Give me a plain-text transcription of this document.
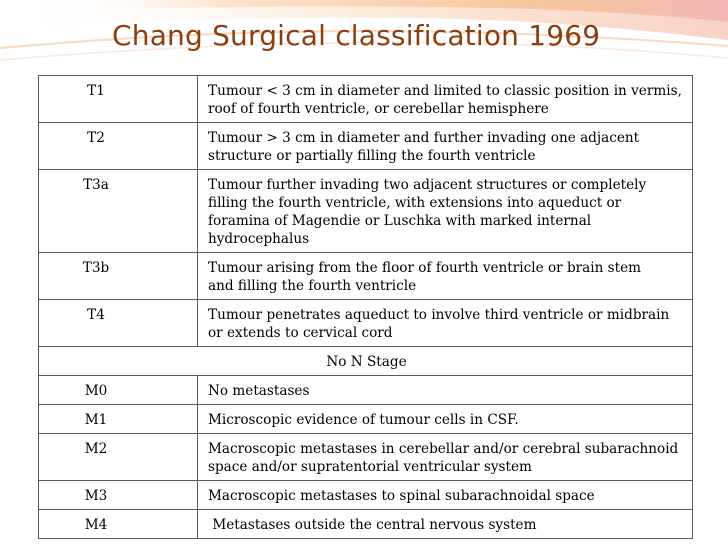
Chang Surgical classification 1969
T1	Tumour < 3 cm in diameter and limited to classic position in vermis, roof of fourth ventricle, or cerebellar hemisphere
T2	Tumour > 3 cm in diameter and further invading one adjacent structure or partially filling the fourth ventricle
T3a	Tumour further invading two adjacent structures or completely filling the fourth ventricle, with extensions into aqueduct or foramina of Magendie or Luschka with marked internal hydrocephalus
T3b	Tumour arising from the floor of fourth ventricle or brain stem     and filling the fourth ventricle
T4	Tumour penetrates aqueduct to involve third ventricle or midbrain or extends to cervical cord
No N Stage	
M0	No metastases
M1	Microscopic evidence of tumour cells in CSF.
M2	Macroscopic metastases in cerebellar and/or cerebral subarachnoid space and/or supratentorial ventricular system
M3	Macroscopic metastases to spinal subarachnoidal space
M4	Metastases outside the central nervous system
